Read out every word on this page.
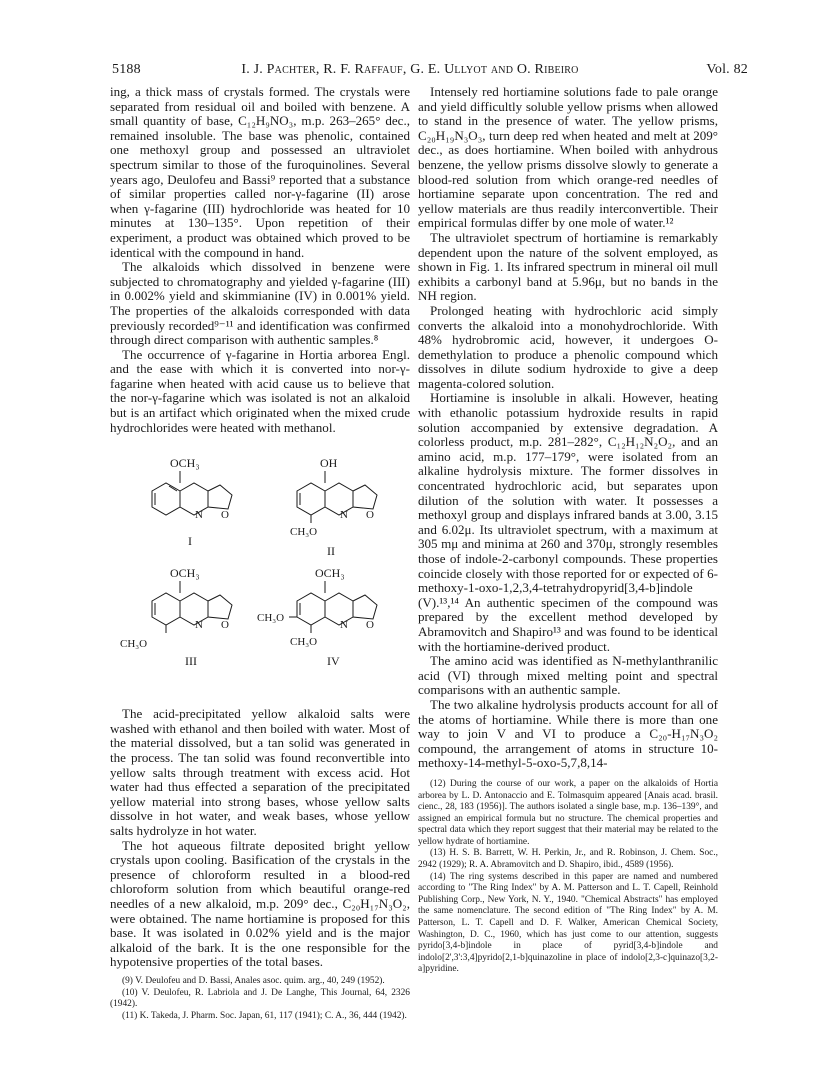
5188	I. J. Pachter, R. F. Raffauf, G. E. Ullyot and O. Ribeiro	Vol. 82

ing, a thick mass of crystals formed. The crystals were separated from residual oil and boiled with benzene. A small quantity of base, C₁₂H₉NO₃, m.p. 263–265° dec., remained insoluble. The base was phenolic, contained one methoxyl group and possessed an ultraviolet spectrum similar to those of the furoquinolines. Several years ago, Deulofeu and Bassi⁹ reported that a substance of similar properties called nor-γ-fagarine (II) arose when γ-fagarine (III) hydrochloride was heated for 10 minutes at 130–135°. Upon repetition of their experiment, a product was obtained which proved to be identical with the compound in hand.

The alkaloids which dissolved in benzene were subjected to chromatography and yielded γ-fagarine (III) in 0.002% yield and skimmianine (IV) in 0.001% yield. The properties of the alkaloids corresponded with data previously recorded⁹⁻¹¹ and identification was confirmed through direct comparison with authentic samples.⁸

The occurrence of γ-fagarine in Hortia arborea Engl. and the ease with which it is converted into nor-γ-fagarine when heated with acid cause us to believe that the nor-γ-fagarine which was isolated is not an alkaloid but is an artifact which originated when the mixed crude hydrochlorides were heated with methanol.

OCH₃
N O
I
OH
N O
CH₃O
II
OCH₃
N O
CH₃O
III
OCH₃
CH₃O
N O
CH₃O
IV

The acid-precipitated yellow alkaloid salts were washed with ethanol and then boiled with water. Most of the material dissolved, but a tan solid was generated in the process. The tan solid was found reconvertible into yellow salts through treatment with excess acid. Hot water had thus effected a separation of the precipitated yellow material into strong bases, whose yellow salts dissolve in hot water, and weak bases, whose yellow salts hydrolyze in hot water.

The hot aqueous filtrate deposited bright yellow crystals upon cooling. Basification of the crystals in the presence of chloroform resulted in a blood-red chloroform solution from which beautiful orange-red needles of a new alkaloid, m.p. 209° dec., C₂₀H₁₇N₃O₂, were obtained. The name hortiamine is proposed for this base. It was isolated in 0.02% yield and is the major alkaloid of the bark. It is the one responsible for the hypotensive properties of the total bases.

(9) V. Deulofeu and D. Bassi, Anales asoc. quim. arg., 40, 249 (1952).

(10) V. Deulofeu, R. Labriola and J. De Langhe, This Journal, 64, 2326 (1942).

(11) K. Takeda, J. Pharm. Soc. Japan, 61, 117 (1941); C. A., 36, 444 (1942).

Intensely red hortiamine solutions fade to pale orange and yield difficultly soluble yellow prisms when allowed to stand in the presence of water. The yellow prisms, C₂₀H₁₉N₃O₃, turn deep red when heated and melt at 209° dec., as does hortiamine. When boiled with anhydrous benzene, the yellow prisms dissolve slowly to generate a blood-red solution from which orange-red needles of hortiamine separate upon concentration. The red and yellow materials are thus readily interconvertible. Their empirical formulas differ by one mole of water.¹²

The ultraviolet spectrum of hortiamine is remarkably dependent upon the nature of the solvent employed, as shown in Fig. 1. Its infrared spectrum in mineral oil mull exhibits a carbonyl band at 5.96μ, but no bands in the NH region.

Prolonged heating with hydrochloric acid simply converts the alkaloid into a monohydrochloride. With 48% hydrobromic acid, however, it undergoes O-demethylation to produce a phenolic compound which dissolves in dilute sodium hydroxide to give a deep magenta-colored solution.

Hortiamine is insoluble in alkali. However, heating with ethanolic potassium hydroxide results in rapid solution accompanied by extensive degradation. A colorless product, m.p. 281–282°, C₁₂H₁₂N₂O₂, and an amino acid, m.p. 177–179°, were isolated from an alkaline hydrolysis mixture. The former dissolves in concentrated hydrochloric acid, but separates upon dilution of the solution with water. It possesses a methoxyl group and displays infrared bands at 3.00, 3.15 and 6.02μ. Its ultraviolet spectrum, with a maximum at 305 mμ and minima at 260 and 370μ, strongly resembles those of indole-2-carbonyl compounds. These properties coincide closely with those reported for or expected of 6-methoxy-1-oxo-1,2,3,4-tetrahydropyrid[3,4-b]indole (V).¹³,¹⁴ An authentic specimen of the compound was prepared by the excellent method developed by Abramovitch and Shapiro¹³ and was found to be identical with the hortiamine-derived product.

The amino acid was identified as N-methylanthranilic acid (VI) through mixed melting point and spectral comparisons with an authentic sample.

The two alkaline hydrolysis products account for all of the atoms of hortiamine. While there is more than one way to join V and VI to produce a C₂₀-H₁₇N₃O₂ compound, the arrangement of atoms in structure 10-methoxy-14-methyl-5-oxo-5,7,8,14-

(12) During the course of our work, a paper on the alkaloids of Hortia arborea by L. D. Antonaccio and E. Tolmasquim appeared [Anais acad. brasil. cienc., 28, 183 (1956)]. The authors isolated a single base, m.p. 136–139°, and assigned an empirical formula but no structure. The chemical properties and spectral data which they report suggest that their material may be related to the yellow hydrate of hortiamine.

(13) H. S. B. Barrett, W. H. Perkin, Jr., and R. Robinson, J. Chem. Soc., 2942 (1929); R. A. Abramovitch and D. Shapiro, ibid., 4589 (1956).

(14) The ring systems described in this paper are named and numbered according to "The Ring Index" by A. M. Patterson and L. T. Capell, Reinhold Publishing Corp., New York, N. Y., 1940. "Chemical Abstracts" has employed the same nomenclature. The second edition of "The Ring Index" by A. M. Patterson, L. T. Capell and D. F. Walker, American Chemical Society, Washington, D. C., 1960, which has just come to our attention, suggests pyrido[3,4-b]indole in place of pyrid[3,4-b]indole and indolo[2',3':3,4]pyrido[2,1-b]quinazoline in place of indolo[2,3-c]quinazo[3,2-a]pyridine.
